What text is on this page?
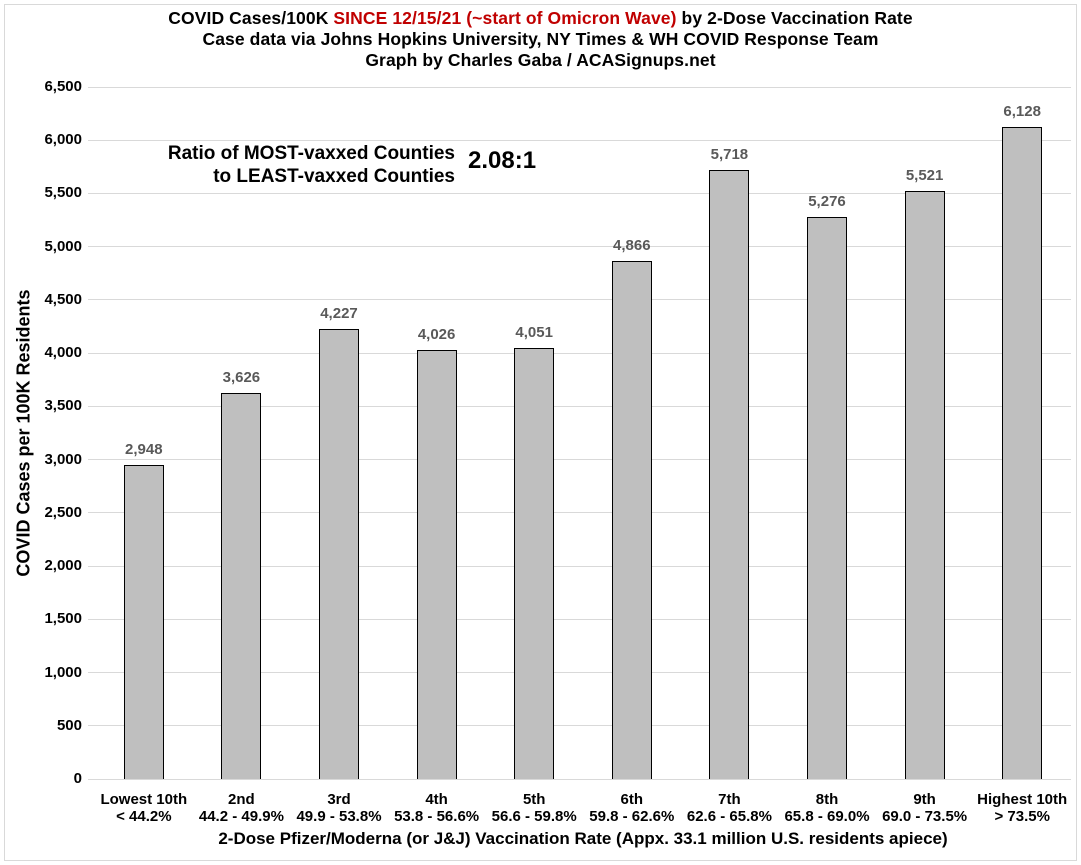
COVID Cases/100K SINCE 12/15/21 (~start of Omicron Wave) by 2-Dose Vaccination Rate
Case data via Johns Hopkins University, NY Times & WH COVID Response Team
Graph by Charles Gaba / ACASignups.net
COVID Cases per 100K Residents	2,948
3,626
4,227
4,026	4,051
4,866
5,718
5,276
5,521
6,128
0
500
1,000
1,500
2,000
2,500
3,000
3,500
4,000
4,500
5,000
5,500
6,000
6,500
Lowest 10th
< 44.2%
2nd
44.2 - 49.9%
3rd
49.9 - 53.8%
4th
53.8 - 56.6%
5th
56.6 - 59.8%
6th
59.8 - 62.6%
7th
62.6 - 65.8%
8th
65.8 - 69.0%
9th
69.0 - 73.5%
Highest 10th
> 73.5%
2-Dose Pfizer/Moderna (or J&J) Vaccination Rate (Appx. 33.1 million U.S. residents apiece)
Ratio of MOST-vaxxed Counties
to LEAST-vaxxed Counties
2.08:1
